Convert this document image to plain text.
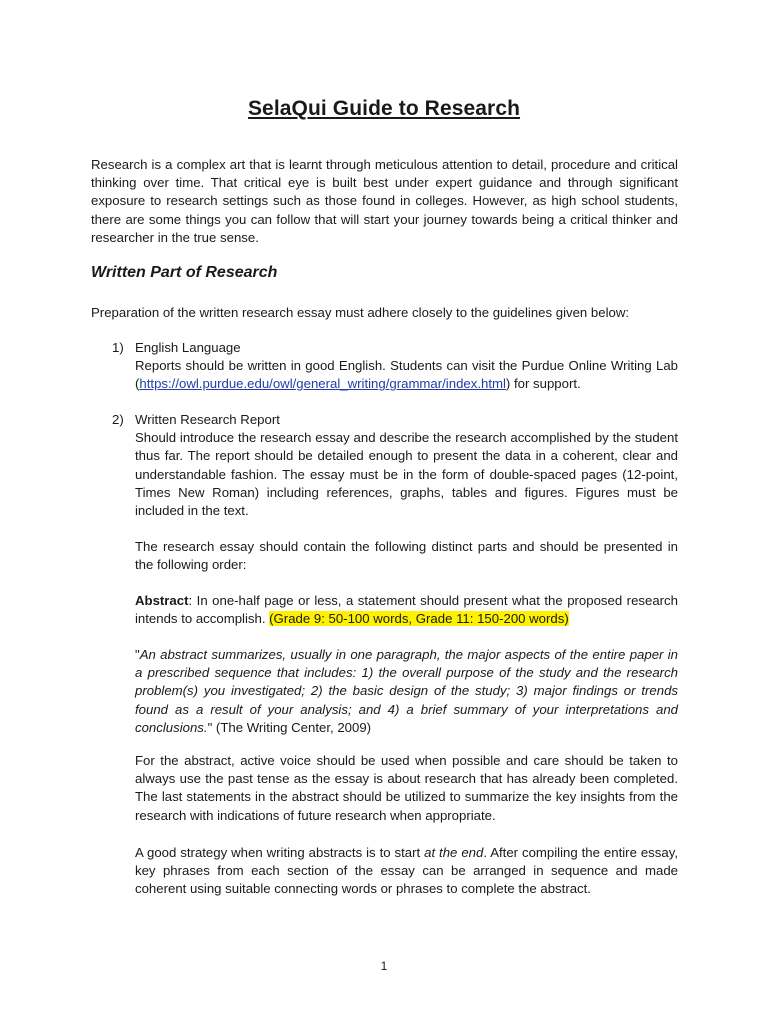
SelaQui Guide to Research

Research is a complex art that is learnt through meticulous attention to detail, procedure and critical thinking over time. That critical eye is built best under expert guidance and through significant exposure to research settings such as those found in colleges. However, as high school students, there are some things you can follow that will start your journey towards being a critical thinker and researcher in the true sense.

Written Part of Research

Preparation of the written research essay must adhere closely to the guidelines given below:

1) English Language

Reports should be written in good English. Students can visit the Purdue Online Writing Lab (https://owl.purdue.edu/owl/general_writing/grammar/index.html) for support.

2) Written Research Report

Should introduce the research essay and describe the research accomplished by the student thus far. The report should be detailed enough to present the data in a coherent, clear and understandable fashion. The essay must be in the form of double-spaced pages (12-point, Times New Roman) including references, graphs, tables and figures. Figures must be included in the text.

The research essay should contain the following distinct parts and should be presented in the following order:

Abstract: In one-half page or less, a statement should present what the proposed research intends to accomplish. (Grade 9: 50-100 words, Grade 11: 150-200 words)

"An abstract summarizes, usually in one paragraph, the major aspects of the entire paper in a prescribed sequence that includes: 1) the overall purpose of the study and the research problem(s) you investigated; 2) the basic design of the study; 3) major findings or trends found as a result of your analysis; and 4) a brief summary of your interpretations and conclusions." (The Writing Center, 2009)

For the abstract, active voice should be used when possible and care should be taken to always use the past tense as the essay is about research that has already been completed. The last statements in the abstract should be utilized to summarize the key insights from the research with indications of future research when appropriate.

A good strategy when writing abstracts is to start at the end. After compiling the entire essay, key phrases from each section of the essay can be arranged in sequence and made coherent using suitable connecting words or phrases to complete the abstract.

1
